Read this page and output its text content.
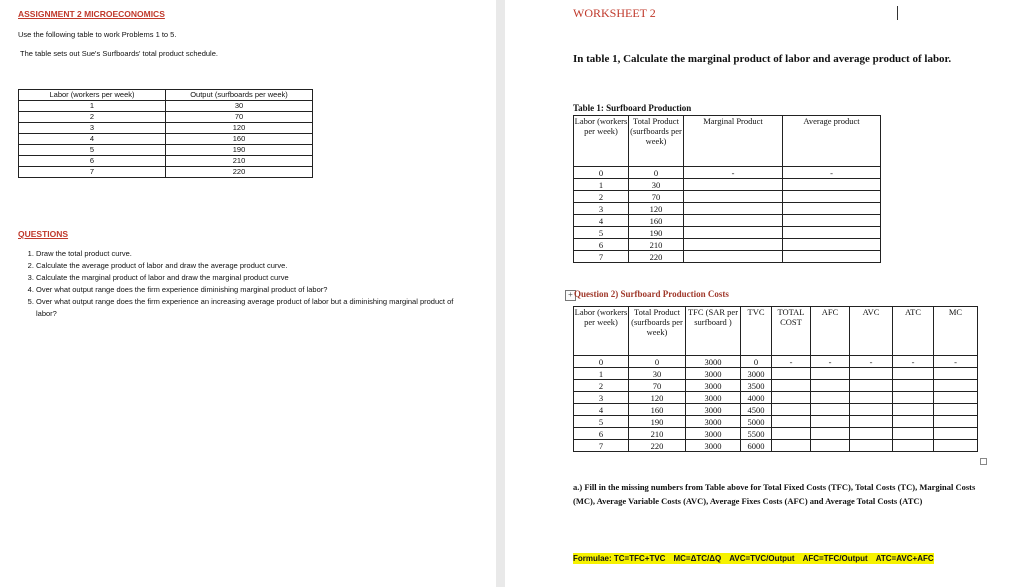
ASSIGNMENT 2 MICROECONOMICS
Use the following table to work Problems 1 to 5.
The table sets out Sue's Surfboards' total product schedule.
Labor (workers per week)	Output (surfboards per week)
1	30
2	70
3	120
4	160
5	190
6	210
7	220
QUESTIONS
1. Draw the total product curve.
2. Calculate the average product of labor and draw the average product curve.
3. Calculate the marginal product of labor and draw the marginal product curve
4. Over what output range does the firm experience diminishing marginal product of labor?
5. Over what output range does the firm experience an increasing average product of labor but a diminishing marginal product of labor?
WORKSHEET 2
In table 1, Calculate the marginal product of labor and average product of labor.
Table 1: Surfboard Production
Labor (workers per week)	Total Product (surfboards per week)	Marginal Product	Average product
0	0	-	-
1	30		
2	70		
3	120		
4	160		
5	190		
6	210		
7	220		
+ Question 2) Surfboard Production Costs
Labor (workers per week)	Total Product (surfboards per week)	TFC (SAR per surfboard )	TVC	TOTAL COST	AFC	AVC	ATC	MC
0	0	3000	0	-	-	-	-	-
1	30	3000	3000					
2	70	3000	3500					
3	120	3000	4000					
4	160	3000	4500					
5	190	3000	5000					
6	210	3000	5500					
7	220	3000	6000					
a.) Fill in the missing numbers from Table above for Total Fixed Costs (TFC), Total Costs (TC), Marginal Costs (MC), Average Variable Costs (AVC), Average Fixes Costs (AFC) and Average Total Costs (ATC)
Formulae: TC=TFC+TVC MC=ΔTC/ΔQ AVC=TVC/Output AFC=TFC/Output ATC=AVC+AFC
